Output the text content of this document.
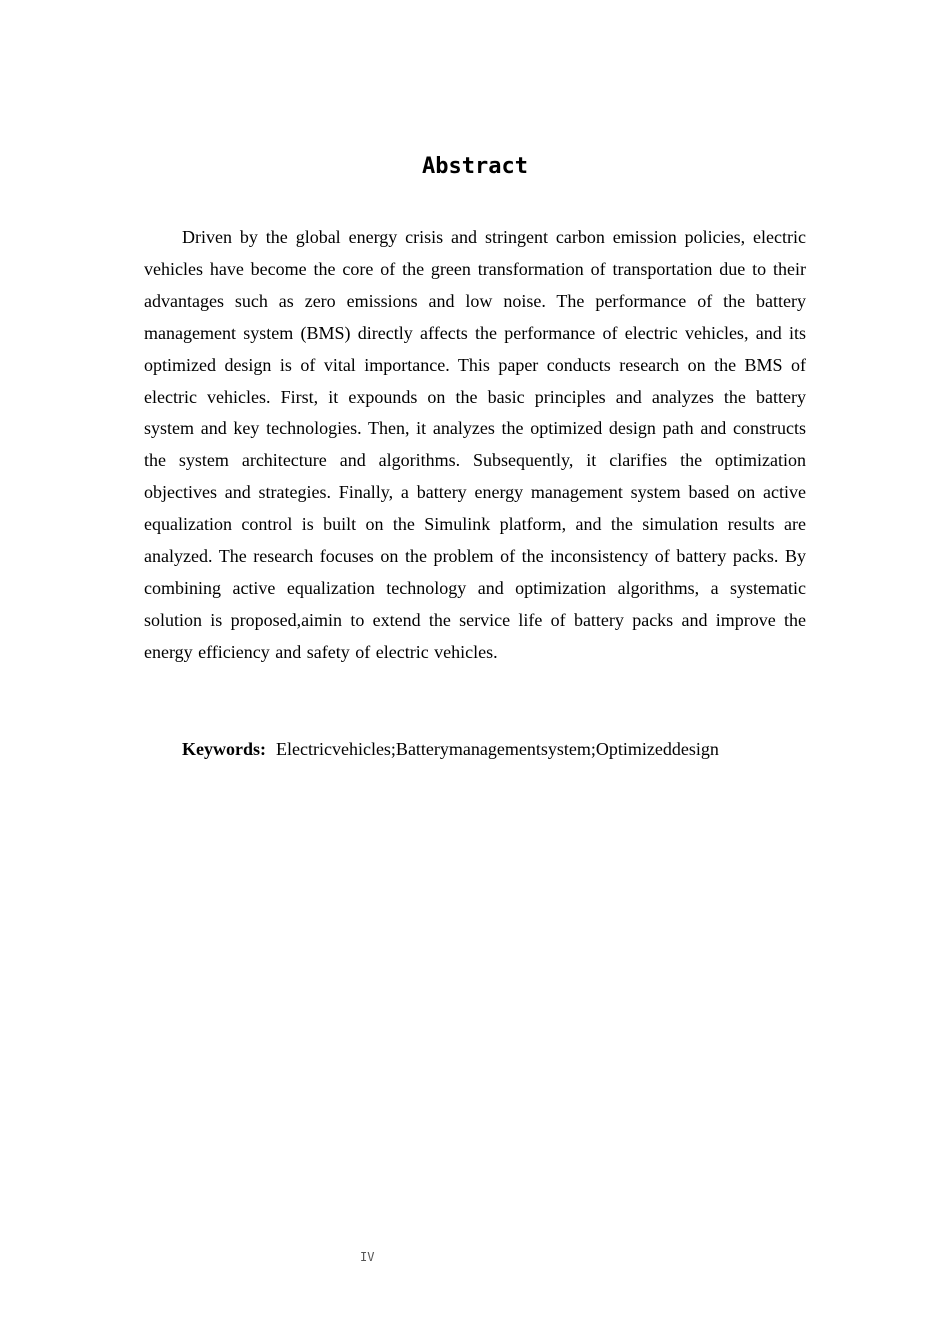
Abstract

Driven by the global energy crisis and stringent carbon emission policies, electric vehicles have become the core of the green transformation of transportation due to their advantages such as zero emissions and low noise. The performance of the battery management system (BMS) directly affects the performance of electric vehicles, and its optimized design is of vital importance. This paper conducts research on the BMS of electric vehicles. First, it expounds on the basic principles and analyzes the battery system and key technologies. Then, it analyzes the optimized design path and constructs the system architecture and algorithms. Subsequently, it clarifies the optimization objectives and strategies. Finally, a battery energy management system based on active equalization control is built on the Simulink platform, and the simulation results are analyzed. The research focuses on the problem of the inconsistency of battery packs. By combining active equalization technology and optimization algorithms, a systematic solution is proposed,aimin to extend the service life of battery packs and improve the energy efficiency and safety of electric vehicles.

Keywords: Electricvehicles;Batterymanagementsystem;Optimizeddesign

IV
